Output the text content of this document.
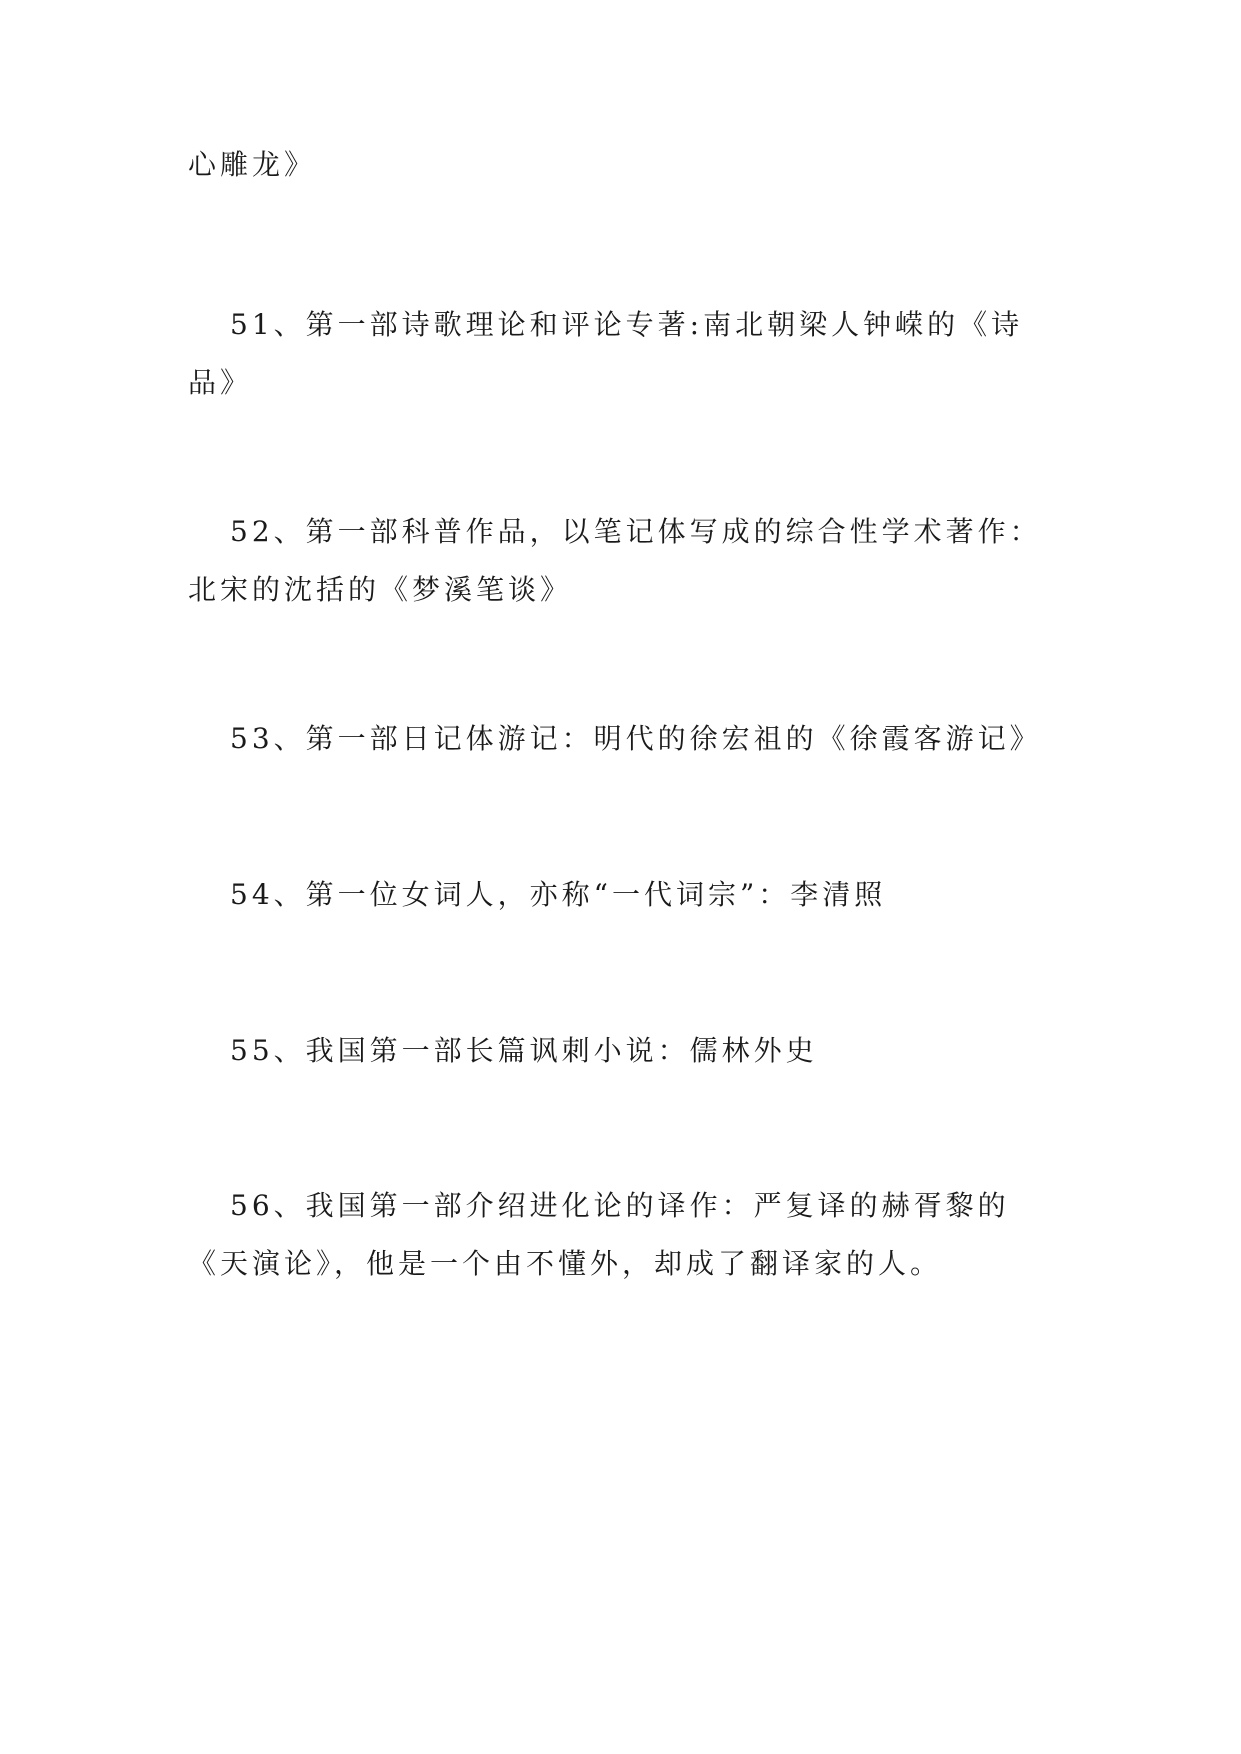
心雕龙》
51、第一部诗歌理论和评论专著:南北朝梁人钟嵘的《诗
品》
52、第一部科普作品，以笔记体写成的综合性学术著作：
北宋的沈括的《梦溪笔谈》
53、第一部日记体游记：明代的徐宏祖的《徐霞客游记》
54、第一位女词人，亦称“一代词宗”：李清照
55、我国第一部长篇讽刺小说：儒林外史
56、我国第一部介绍进化论的译作：严复译的赫胥黎的
《天演论》，他是一个由不懂外，却成了翻译家的人。
